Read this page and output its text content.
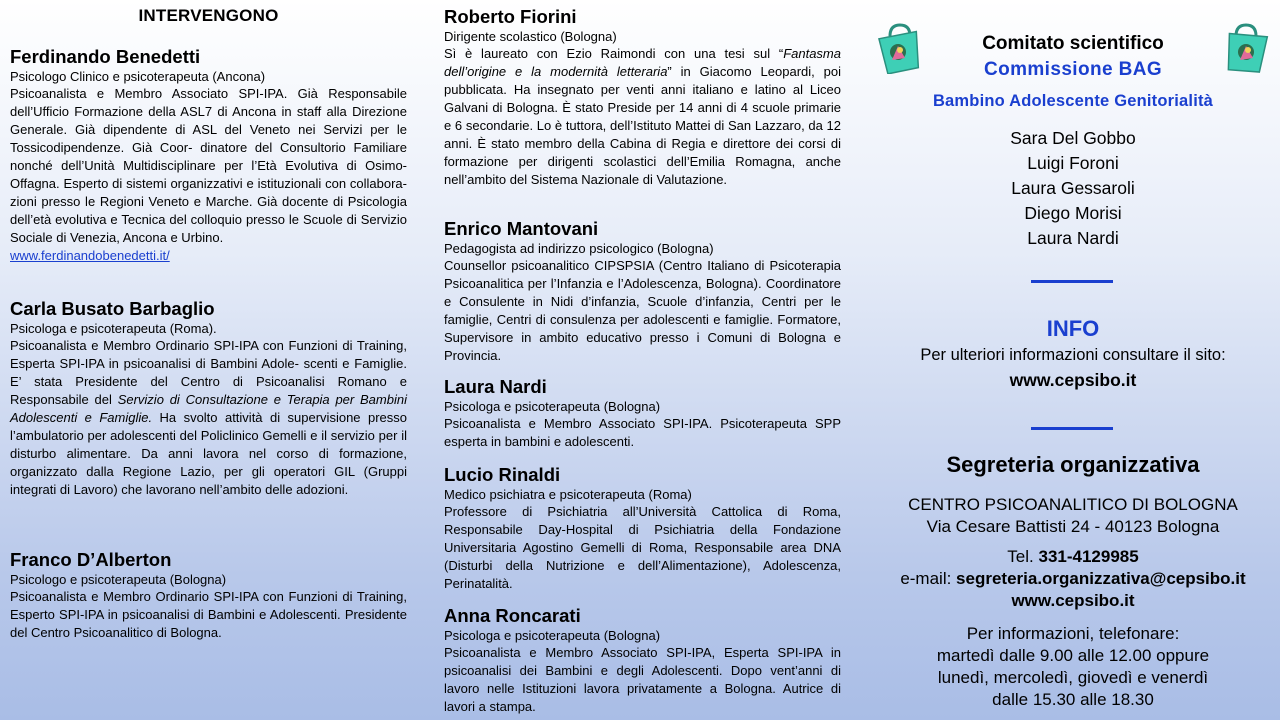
INTERVENGONO
Ferdinando Benedetti
Psicologo Clinico e psicoterapeuta (Ancona)
Psicoanalista e Membro Associato SPI-IPA. Già Responsabile dell’Ufficio Formazione della ASL7 di Ancona in staff alla Direzione Generale. Già dipendente di ASL del Veneto nei Servizi per le Tossicodipendenze. Già Coor- dinatore del Consultorio Familiare nonché dell’Unità Multidisciplinare per l’Età Evolutiva di Osimo-Offagna. Esperto di sistemi organizzativi e istituzionali con collabora- zioni presso le Regioni Veneto e Marche. Già docente di Psicologia dell’età evolutiva e Tecnica del colloquio presso le Scuole di Servizio Sociale di Venezia, Ancona e Urbino.
www.ferdinandobenedetti.it/
Carla Busato Barbaglio
Psicologa e psicoterapeuta (Roma).
Psicoanalista e Membro Ordinario SPI-IPA con Funzioni di Training, Esperta SPI-IPA in psicoanalisi di Bambini Adole- scenti e Famiglie. E’ stata Presidente del Centro di Psicoanalisi Romano e Responsabile del Servizio di Consultazione e Terapia per Bambini Adolescenti e Famiglie. Ha svolto attività di supervisione presso l’ambulatorio per adolescenti del Policlinico Gemelli e il servizio per il disturbo alimentare. Da anni lavora nel corso di formazione, organizzato dalla Regione Lazio, per gli operatori GIL (Gruppi integrati di Lavoro) che lavorano nell’ambito delle adozioni.
Franco D’Alberton
Psicologo e psicoterapeuta (Bologna)
Psicoanalista e Membro Ordinario SPI-IPA con Funzioni di Training, Esperto SPI-IPA in psicoanalisi di Bambini e Adolescenti. Presidente del Centro Psicoanalitico di Bologna.
Roberto Fiorini
Dirigente scolastico (Bologna)
Sì è laureato con Ezio Raimondi con una tesi sul “Fantasma dell’origine e la modernità letteraria” in Giacomo Leopardi, poi pubblicata. Ha insegnato per venti anni italiano e latino al Liceo Galvani di Bologna. È stato Preside per 14 anni di 4 scuole primarie e 6 secondarie. Lo è tuttora, dell’Istituto Mattei di San Lazzaro, da 12 anni. È stato membro della Cabina di Regia e direttore dei corsi di formazione per dirigenti scolastici dell’Emilia Romagna, anche nell’ambito del Sistema Nazionale di Valutazione.
Enrico Mantovani
Pedagogista ad indirizzo psicologico (Bologna)
Counsellor psicoanalitico CIPSPSIA (Centro Italiano di Psicoterapia Psicoanalitica per l’Infanzia e l’Adolescenza, Bologna). Coordinatore e Consulente in Nidi d’infanzia, Scuole d’infanzia, Centri per le famiglie, Centri di consulenza per adolescenti e famiglie. Formatore, Supervisore in ambito educativo presso i Comuni di Bologna e Provincia.
Laura Nardi
Psicologa e psicoterapeuta (Bologna)
Psicoanalista e Membro Associato SPI-IPA. Psicoterapeuta SPP esperta in bambini e adolescenti.
Lucio Rinaldi
Medico psichiatra e psicoterapeuta (Roma)
Professore di Psichiatria all’Università Cattolica di Roma, Responsabile Day-Hospital di Psichiatria della Fondazione Universitaria Agostino Gemelli di Roma, Responsabile area DNA (Disturbi della Nutrizione e dell’Alimentazione), Adolescenza, Perinatalità.
Anna Roncarati
Psicologa e psicoterapeuta (Bologna)
Psicoanalista e Membro Associato SPI-IPA, Esperta SPI-IPA in psicoanalisi dei Bambini e degli Adolescenti. Dopo vent’anni di lavoro nelle Istituzioni lavora privatamente a Bologna. Autrice di lavori a stampa.
Comitato scientifico
Commissione BAG
Bambino Adolescente Genitorialità
Sara Del Gobbo
Luigi Foroni
Laura Gessaroli
Diego Morisi
Laura Nardi
INFO
Per ulteriori informazioni consultare il sito:
www.cepsibo.it
Segreteria organizzativa
CENTRO PSICOANALITICO DI BOLOGNA
Via Cesare Battisti 24 - 40123 Bologna
Tel. 331-4129985
e-mail: segreteria.organizzativa@cepsibo.it
www.cepsibo.it
Per informazioni, telefonare:
martedì dalle 9.00 alle 12.00 oppure
lunedì, mercoledì, giovedì e venerdì
dalle 15.30 alle 18.30
